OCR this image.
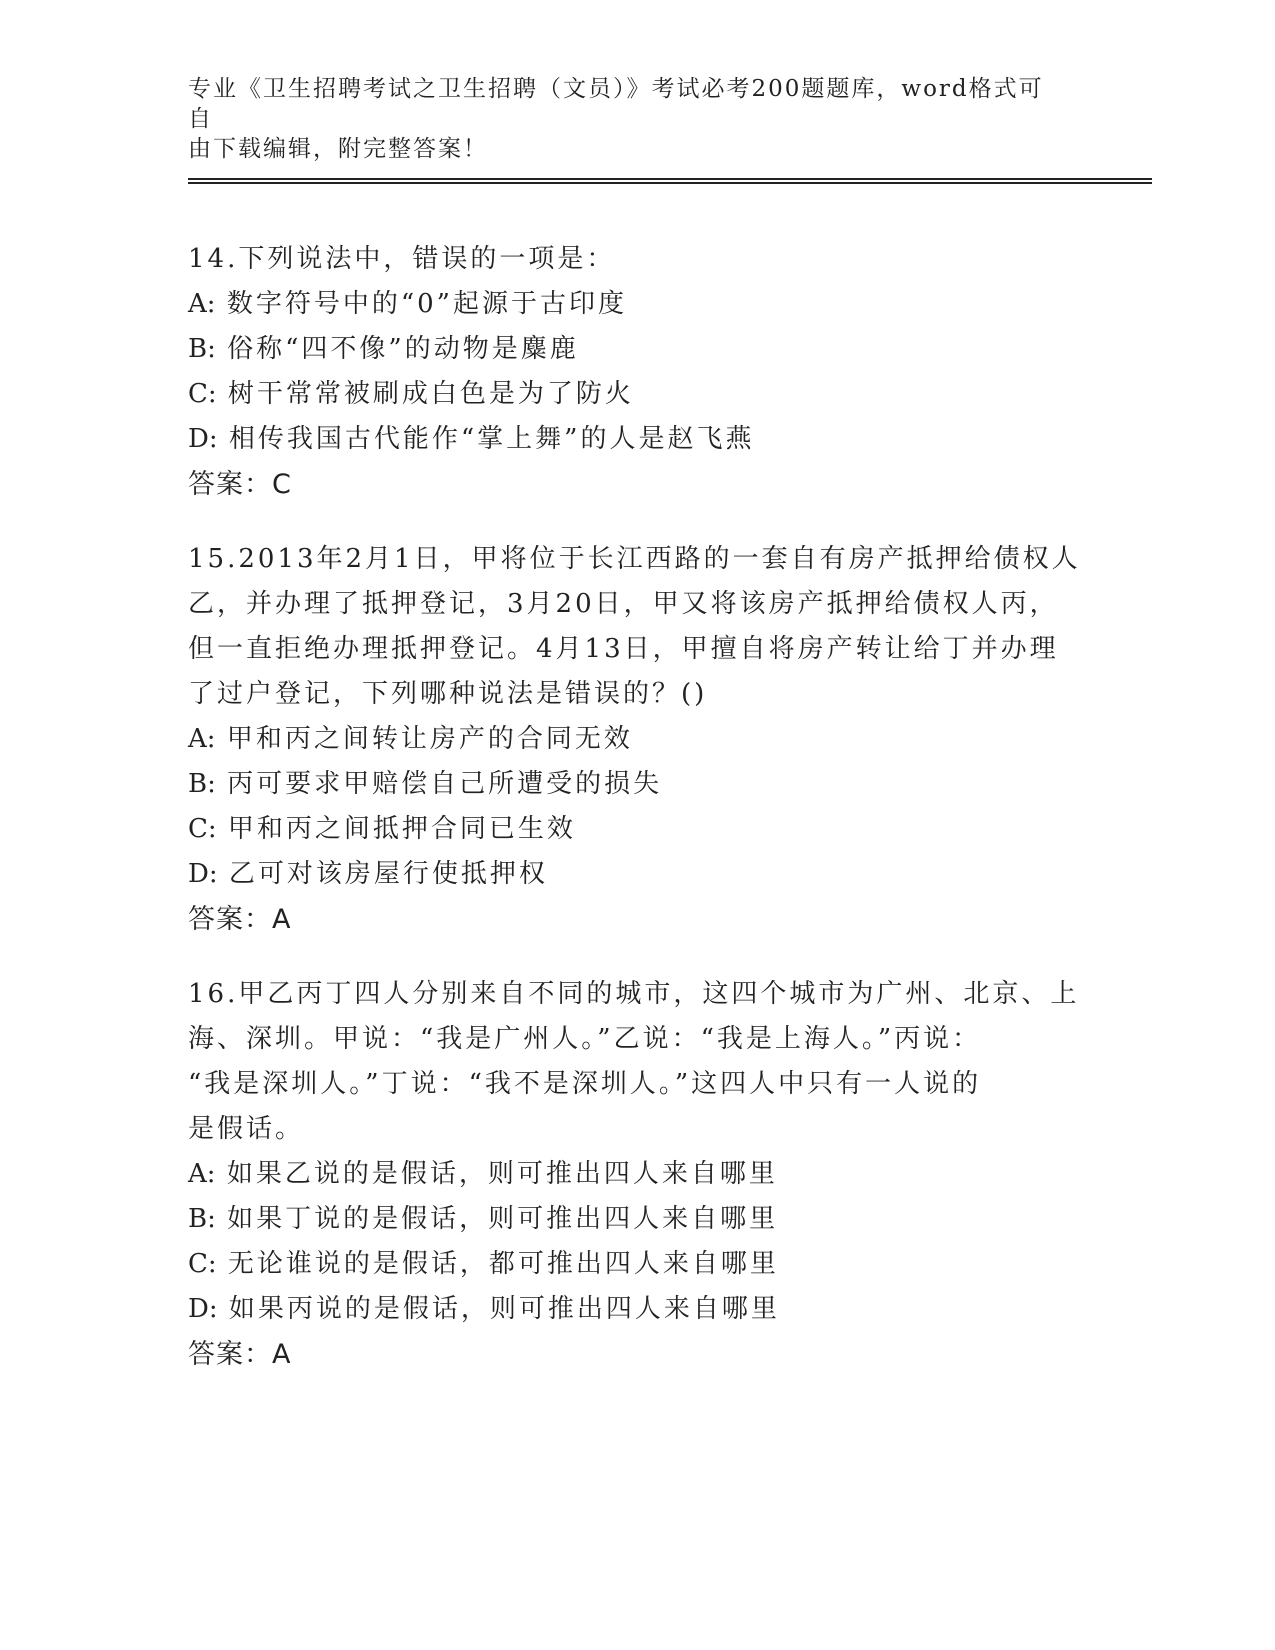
专业《卫生招聘考试之卫生招聘（文员）》考试必考200题题库，word格式可自

由下载编辑，附完整答案！

14.下列说法中，错误的一项是：

A: 数字符号中的“0”起源于古印度

B: 俗称“四不像”的动物是麋鹿

C: 树干常常被刷成白色是为了防火

D: 相传我国古代能作“掌上舞”的人是赵飞燕

答案：C

15.2013年2月1日，甲将位于长江西路的一套自有房产抵押给债权人

乙，并办理了抵押登记，3月20日，甲又将该房产抵押给债权人丙，

但一直拒绝办理抵押登记。4月13日，甲擅自将房产转让给丁并办理

了过户登记，下列哪种说法是错误的？()

A: 甲和丙之间转让房产的合同无效

B: 丙可要求甲赔偿自己所遭受的损失

C: 甲和丙之间抵押合同已生效

D: 乙可对该房屋行使抵押权

答案：A

16.甲乙丙丁四人分别来自不同的城市，这四个城市为广州、北京、上

海、深圳。甲说：“我是广州人。”乙说：“我是上海人。”丙说：

“我是深圳人。”丁说：“我不是深圳人。”这四人中只有一人说的

是假话。

A: 如果乙说的是假话，则可推出四人来自哪里

B: 如果丁说的是假话，则可推出四人来自哪里

C: 无论谁说的是假话，都可推出四人来自哪里

D: 如果丙说的是假话，则可推出四人来自哪里

答案：A
